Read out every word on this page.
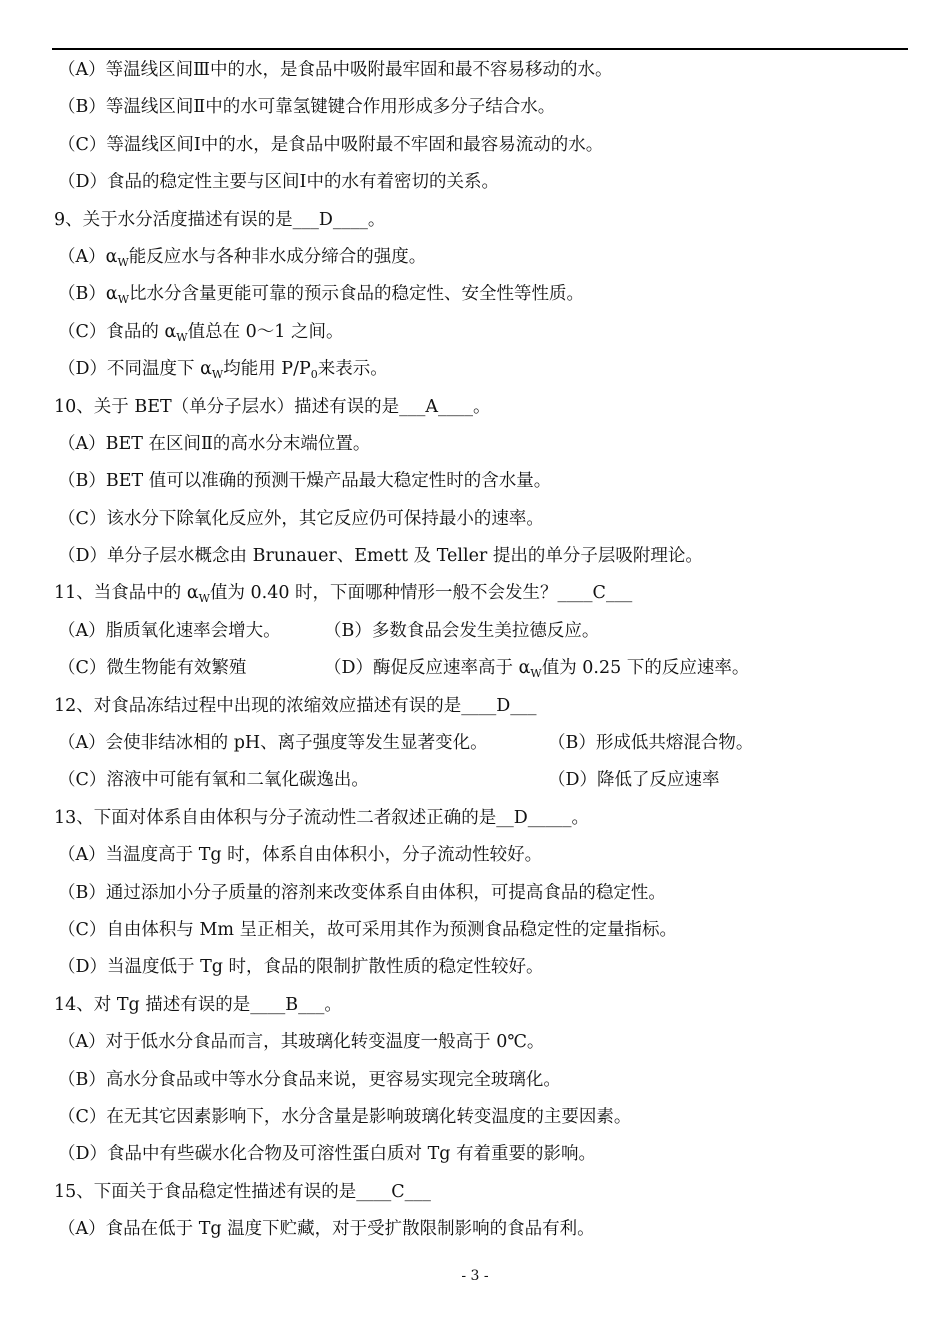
（A）等温线区间Ⅲ中的水，是食品中吸附最牢固和最不容易移动的水。
（B）等温线区间Ⅱ中的水可靠氢键键合作用形成多分子结合水。
（C）等温线区间Ⅰ中的水，是食品中吸附最不牢固和最容易流动的水。
（D）食品的稳定性主要与区间Ⅰ中的水有着密切的关系。
9、关于水分活度描述有误的是___D____。
$(A)\alpha_W$能反应水与各种非水成分缔合的强度。
$(B)\alpha_W$比水分含量更能可靠的预示食品的稳定性、安全性等性质。
（C）食品的 $\alpha_W$值总在 0～1 之间。
（D）不同温度下 $\alpha_W$均能用 $P/P_0$来表示。
10、关于 BET（单分子层水）描述有误的是___A____。
（A）BET 在区间Ⅱ的高水分末端位置。
（B）BET 值可以准确的预测干燥产品最大稳定性时的含水量。
（C）该水分下除氧化反应外，其它反应仍可保持最小的速率。
（D）单分子层水概念由 Brunauer、Emett 及 Teller 提出的单分子层吸附理论。
11、当食品中的 $\alpha_W$值为 0.40 时，下面哪种情形一般不会发生？____C___
（A）脂质氧化速率会增大。 （B）多数食品会发生美拉德反应。
（C）微生物能有效繁殖	（D）酶促反应速率高于 $\alpha_W$值为 0.25 下的反应速率。
12、对食品冻结过程中出现的浓缩效应描述有误的是____D___
（A）会使非结冰相的 pH、离子强度等发生显著变化。	（B）形成低共熔混合物。
（C）溶液中可能有氧和二氧化碳逸出。	（D）降低了反应速率
13、下面对体系自由体积与分子流动性二者叙述正确的是__D_____。
（A）当温度高于 Tg 时，体系自由体积小，分子流动性较好。
（B）通过添加小分子质量的溶剂来改变体系自由体积，可提高食品的稳定性。
（C）自由体积与 Mm 呈正相关，故可采用其作为预测食品稳定性的定量指标。
（D）当温度低于 Tg 时，食品的限制扩散性质的稳定性较好。
14、对 Tg 描述有误的是____B___。
（A）对于低水分食品而言，其玻璃化转变温度一般高于 0℃。
（B）高水分食品或中等水分食品来说，更容易实现完全玻璃化。
（C）在无其它因素影响下，水分含量是影响玻璃化转变温度的主要因素。
（D）食品中有些碳水化合物及可溶性蛋白质对 Tg 有着重要的影响。
15、下面关于食品稳定性描述有误的是____C___
（A）食品在低于 Tg 温度下贮藏，对于受扩散限制影响的食品有利。
- 3 -
